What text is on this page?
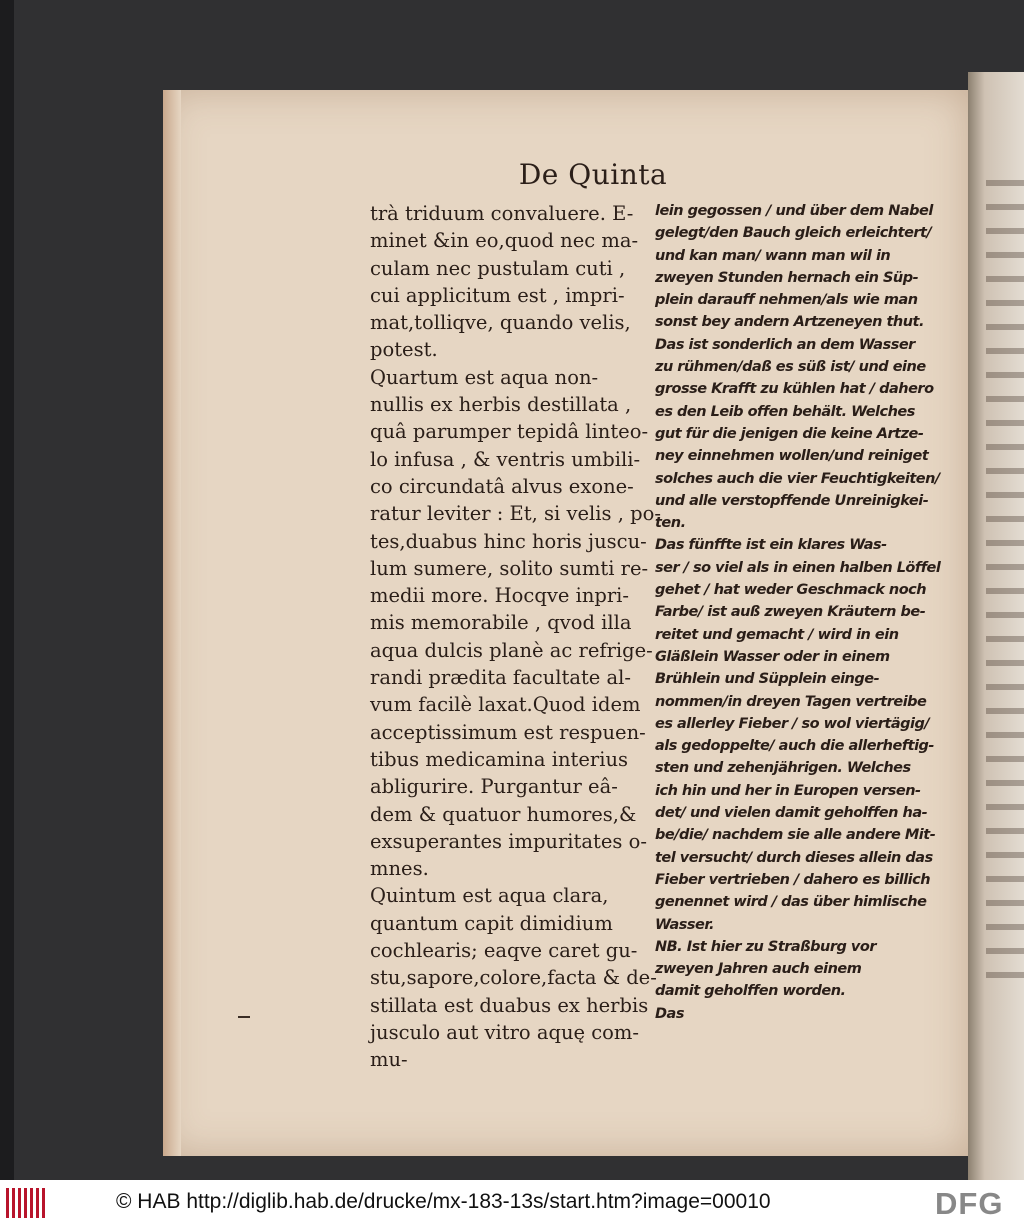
De Quinta
trà triduum convaluere. E-
minet &in eo,quod nec ma-
culam nec pustulam cuti ,
cui applicitum est , impri-
mat,tolliqve, quando velis,
potest.
Quartum est aqua non-
nullis ex herbis destillata ,
quâ parumper tepidâ linteo-
lo infusa , & ventris umbili-
co circundatâ alvus exone-
ratur leviter : Et, si velis , po-
tes,duabus hinc horis juscu-
lum sumere, solito sumti re-
medii more. Hocqve inpri-
mis memorabile , qvod illa
aqua dulcis planè ac refrige-
randi prædita facultate al-
vum facilè laxat.Quod idem
acceptissimum est respuen-
tibus medicamina interius
abligurire. Purgantur eâ-
dem & quatuor humores,&
exsuperantes impuritates o-
mnes.
Quintum est aqua clara,
quantum capit dimidium
cochlearis; eaqve caret gu-
stu,sapore,colore,facta & de-
stillata est duabus ex herbis
jusculo aut vitro aquę com-
mu-
lein gegossen / und über dem Nabel
gelegt/den Bauch gleich erleichtert/
und kan man/ wann man wil in
zweyen Stunden hernach ein Süp-
plein darauff nehmen/als wie man
sonst bey andern Artzeneyen thut.
Das ist sonderlich an dem Wasser
zu rühmen/daß es süß ist/ und eine
grosse Krafft zu kühlen hat / dahero
es den Leib offen behält. Welches
gut für die jenigen die keine Artze-
ney einnehmen wollen/und reiniget
solches auch die vier Feuchtigkeiten/
und alle verstopffende Unreinigkei-
ten.
Das fünffte ist ein klares Was-
ser / so viel als in einen halben Löffel
gehet / hat weder Geschmack noch
Farbe/ ist auß zweyen Kräutern be-
reitet und gemacht / wird in ein
Gläßlein Wasser oder in einem
Brühlein und Süpplein einge-
nommen/in dreyen Tagen vertreibe
es allerley Fieber / so wol viertägig/
als gedoppelte/ auch die allerheftig-
sten und zehenjährigen. Welches
ich hin und her in Europen versen-
det/ und vielen damit geholffen ha-
be/die/ nachdem sie alle andere Mit-
tel versucht/ durch dieses allein das
Fieber vertrieben / dahero es billich
genennet wird / das über himlische
Wasser.
NB. Ist hier zu Straßburg vor
zweyen Jahren auch einem
damit geholffen worden.
Das
© HAB http://diglib.hab.de/drucke/mx-183-13s/start.htm?image=00010	DFG
